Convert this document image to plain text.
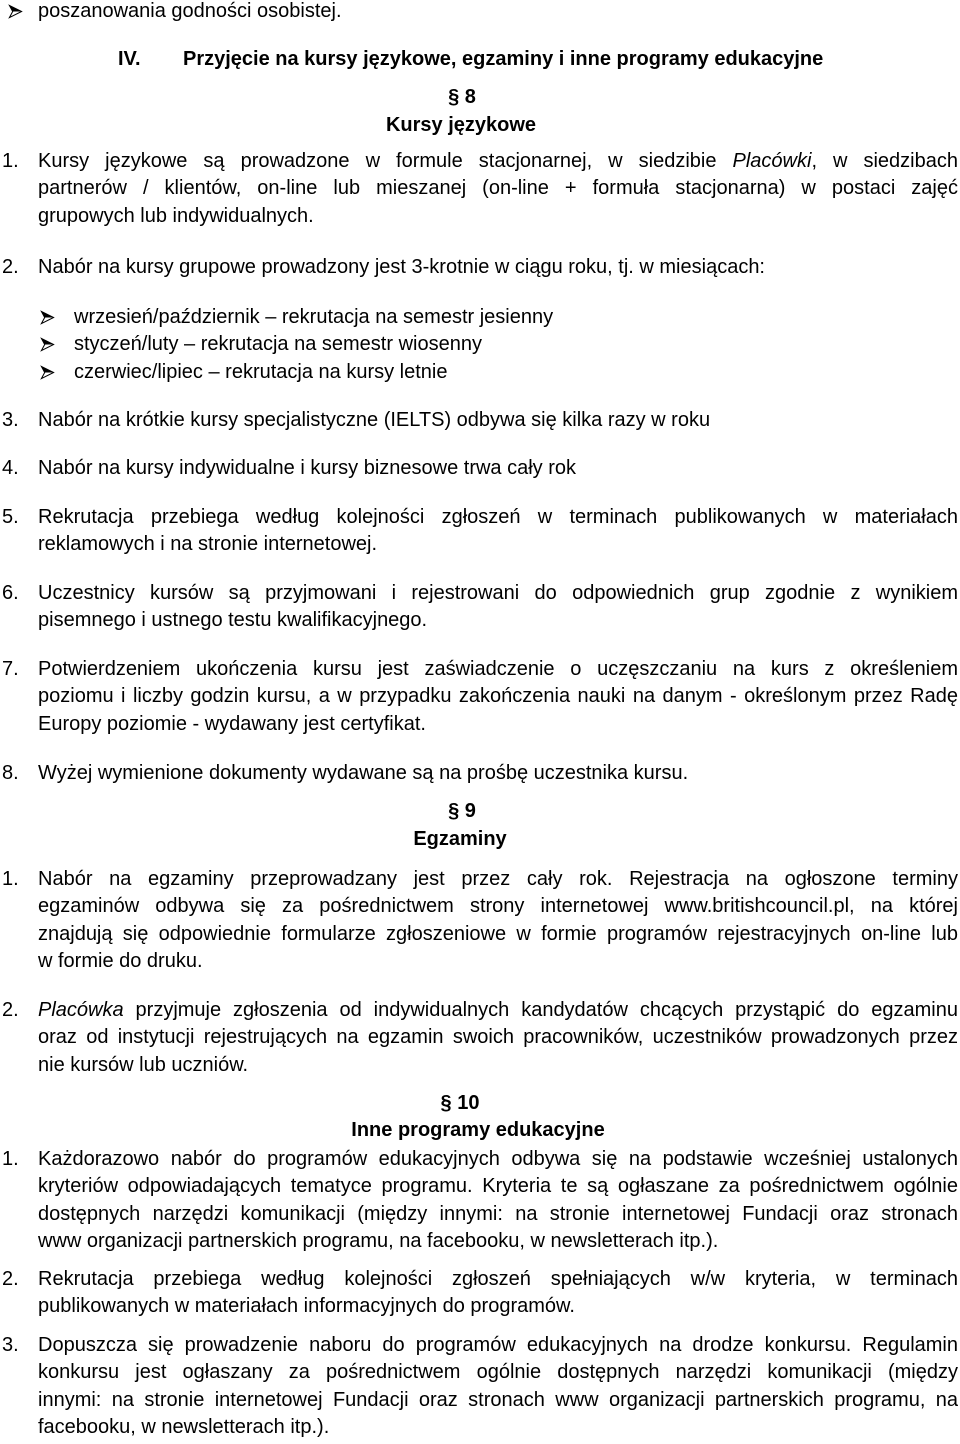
poszanowania godności osobistej.
IV. Przyjęcie na kursy językowe, egzaminy i inne programy edukacyjne
§ 8
Kursy językowe
1. Kursy językowe są prowadzone w formule stacjonarnej, w siedzibie Placówki, w siedzibach
partnerów / klientów, on-line lub mieszanej (on-line + formuła stacjonarna) w postaci zajęć
grupowych lub indywidualnych.
2. Nabór na kursy grupowe prowadzony jest 3-krotnie w ciągu roku, tj. w miesiącach:
wrzesień/październik – rekrutacja na semestr jesienny
styczeń/luty – rekrutacja na semestr wiosenny
czerwiec/lipiec – rekrutacja na kursy letnie
3. Nabór na krótkie kursy specjalistyczne (IELTS) odbywa się kilka razy w roku
4. Nabór na kursy indywidualne i kursy biznesowe trwa cały rok
5. Rekrutacja przebiega według kolejności zgłoszeń w terminach publikowanych w materiałach
reklamowych i na stronie internetowej.
6. Uczestnicy kursów są przyjmowani i rejestrowani do odpowiednich grup zgodnie z wynikiem
pisemnego i ustnego testu kwalifikacyjnego.
7. Potwierdzeniem ukończenia kursu jest zaświadczenie o uczęszczaniu na kurs z określeniem
poziomu i liczby godzin kursu, a w przypadku zakończenia nauki na danym - określonym przez Radę
Europy poziomie - wydawany jest certyfikat.
8. Wyżej wymienione dokumenty wydawane są na prośbę uczestnika kursu.
§ 9
Egzaminy
1. Nabór na egzaminy przeprowadzany jest przez cały rok. Rejestracja na ogłoszone terminy
egzaminów odbywa się za pośrednictwem strony internetowej www.britishcouncil.pl, na której
znajdują się odpowiednie formularze zgłoszeniowe w formie programów rejestracyjnych on-line lub
w formie do druku.
2. Placówka przyjmuje zgłoszenia od indywidualnych kandydatów chcących przystąpić do egzaminu
oraz od instytucji rejestrujących na egzamin swoich pracowników, uczestników prowadzonych przez
nie kursów lub uczniów.
§ 10
Inne programy edukacyjne
1. Każdorazowo nabór do programów edukacyjnych odbywa się na podstawie wcześniej ustalonych
kryteriów odpowiadających tematyce programu. Kryteria te są ogłaszane za pośrednictwem ogólnie
dostępnych narzędzi komunikacji (między innymi: na stronie internetowej Fundacji oraz stronach
www organizacji partnerskich programu, na facebooku, w newsletterach itp.).
2. Rekrutacja przebiega według kolejności zgłoszeń spełniających w/w kryteria, w terminach
publikowanych w materiałach informacyjnych do programów.
3. Dopuszcza się prowadzenie naboru do programów edukacyjnych na drodze konkursu. Regulamin
konkursu jest ogłaszany za pośrednictwem ogólnie dostępnych narzędzi komunikacji (między
innymi: na stronie internetowej Fundacji oraz stronach www organizacji partnerskich programu, na
facebooku, w newsletterach itp.).
